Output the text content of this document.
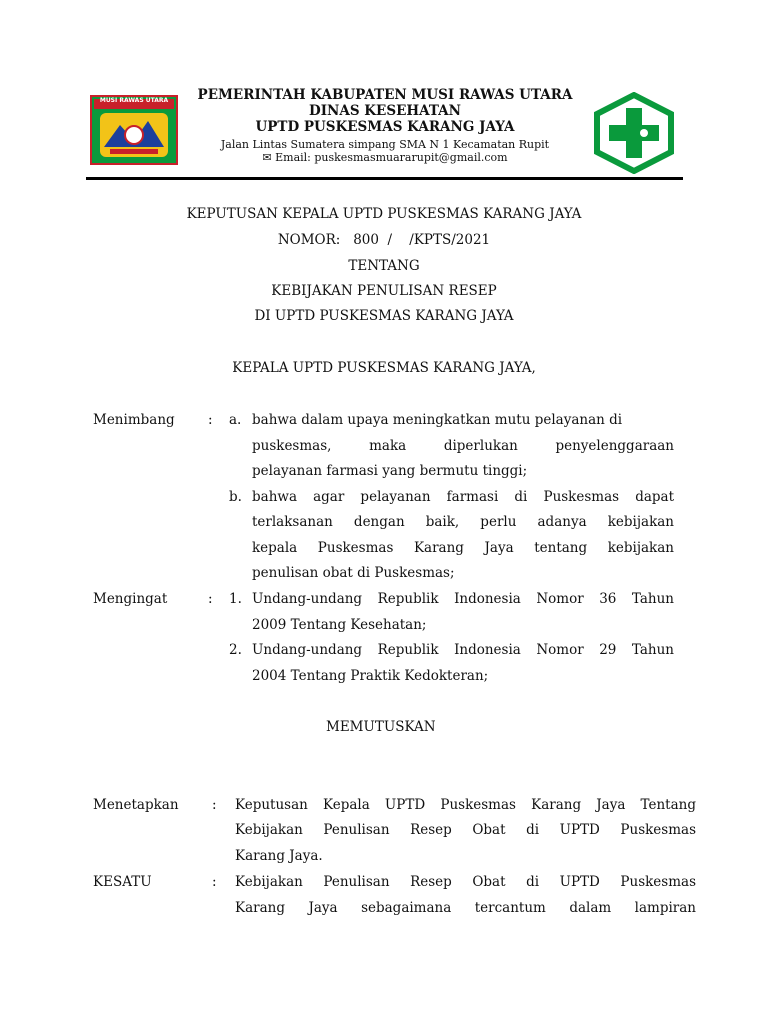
MUSI RAWAS UTARA	PEMERINTAH KABUPATEN MUSI RAWAS UTARA
DINAS KESEHATAN
UPTD PUSKESMAS KARANG JAYA
Jalan Lintas Sumatera simpang SMA N 1 Kecamatan Rupit
✉ Email: puskesmasmuararupit@gmail.com
KEPUTUSAN KEPALA UPTD PUSKESMAS KARANG JAYA
NOMOR:   800  /    /KPTS/2021
TENTANG
KEBIJAKAN PENULISAN RESEP
DI UPTD PUSKESMAS KARANG JAYA
KEPALA UPTD PUSKESMAS KARANG JAYA,
Menimbang : a. bahwa dalam upaya meningkatkan mutu pelayanan di
puskesmas, maka diperlukan penyelenggaraan
pelayanan farmasi yang bermutu tinggi;
b. bahwa agar pelayanan farmasi di Puskesmas dapat
terlaksanan dengan baik, perlu adanya kebijakan
kepala Puskesmas Karang Jaya tentang kebijakan
penulisan obat di Puskesmas;
Mengingat	: 1. Undang-undang Republik Indonesia Nomor 36 Tahun
2009 Tentang Kesehatan;
2. Undang-undang Republik Indonesia Nomor 29 Tahun
2004 Tentang Praktik Kedokteran;
MEMUTUSKAN
Menetapkan : Keputusan Kepala UPTD Puskesmas Karang Jaya Tentang
Kebijakan Penulisan Resep Obat di UPTD Puskesmas
Karang Jaya.
KESATU	: Kebijakan Penulisan Resep Obat di UPTD Puskesmas
Karang Jaya sebagaimana tercantum dalam lampiran
